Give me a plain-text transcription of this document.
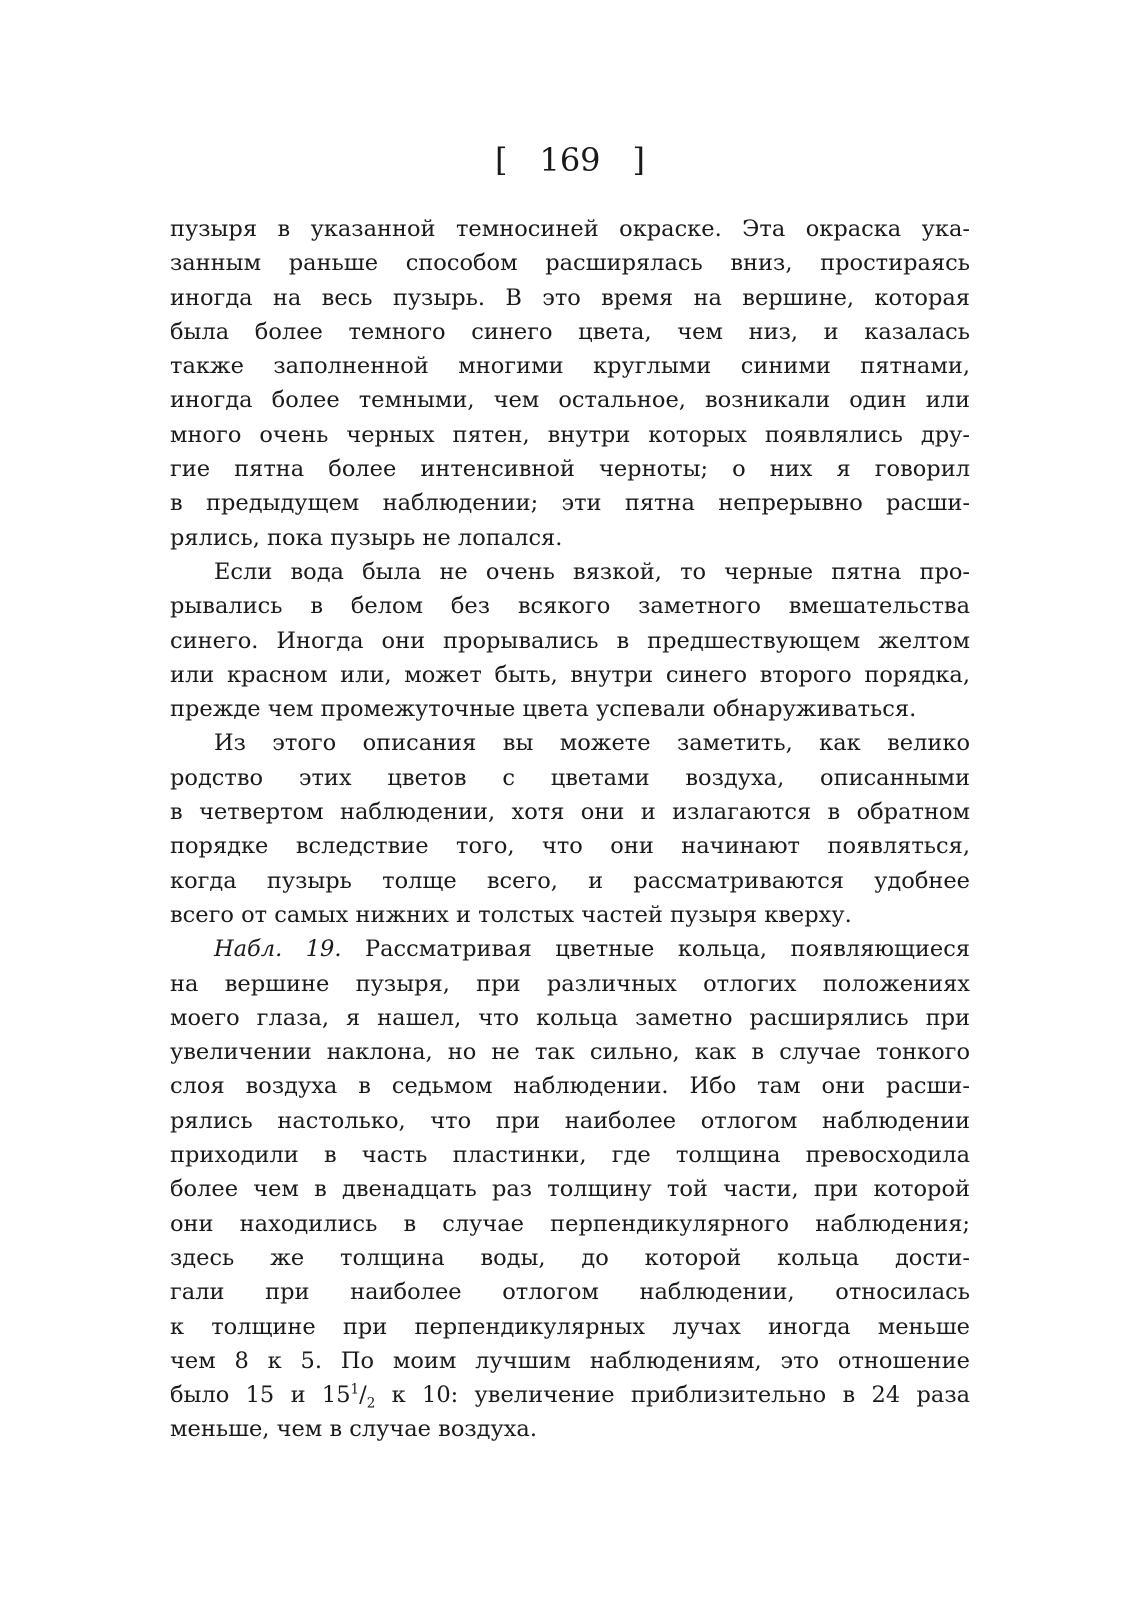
[ 169 ]
пузыря в указанной темносиней окраске. Эта окраска ука-
занным раньше способом расширялась вниз, простираясь
иногда на весь пузырь. В это время на вершине, которая
была более темного синего цвета, чем низ, и казалась
также заполненной многими круглыми синими пятнами,
иногда более темными, чем остальное, возникали один или
много очень черных пятен, внутри которых появлялись дру-
гие пятна более интенсивной черноты; о них я говорил
в предыдущем наблюдении; эти пятна непрерывно расши-
рялись, пока пузырь не лопался.
Если вода была не очень вязкой, то черные пятна про-
рывались в белом без всякого заметного вмешательства
синего. Иногда они прорывались в предшествующем желтом
или красном или, может быть, внутри синего второго порядка,
прежде чем промежуточные цвета успевали обнаруживаться.
Из этого описания вы можете заметить, как велико
родство этих цветов с цветами воздуха, описанными
в четвертом наблюдении, хотя они и излагаются в обратном
порядке вследствие того, что они начинают появляться,
когда пузырь толще всего, и рассматриваются удобнее
всего от самых нижних и толстых частей пузыря кверху.
Набл. 19. Рассматривая цветные кольца, появляющиеся
на вершине пузыря, при различных отлогих положениях
моего глаза, я нашел, что кольца заметно расширялись при
увеличении наклона, но не так сильно, как в случае тонкого
слоя воздуха в седьмом наблюдении. Ибо там они расши-
рялись настолько, что при наиболее отлогом наблюдении
приходили в часть пластинки, где толщина превосходила
более чем в двенадцать раз толщину той части, при которой
они находились в случае перпендикулярного наблюдения;
здесь же толщина воды, до которой кольца дости-
гали при наиболее отлогом наблюдении, относилась
к толщине при перпендикулярных лучах иногда меньше
чем 8 к 5. По моим лучшим наблюдениям, это отношение
было 15 и $15^1/_2$ к 10: увеличение приблизительно в 24 раза
меньше, чем в случае воздуха.
